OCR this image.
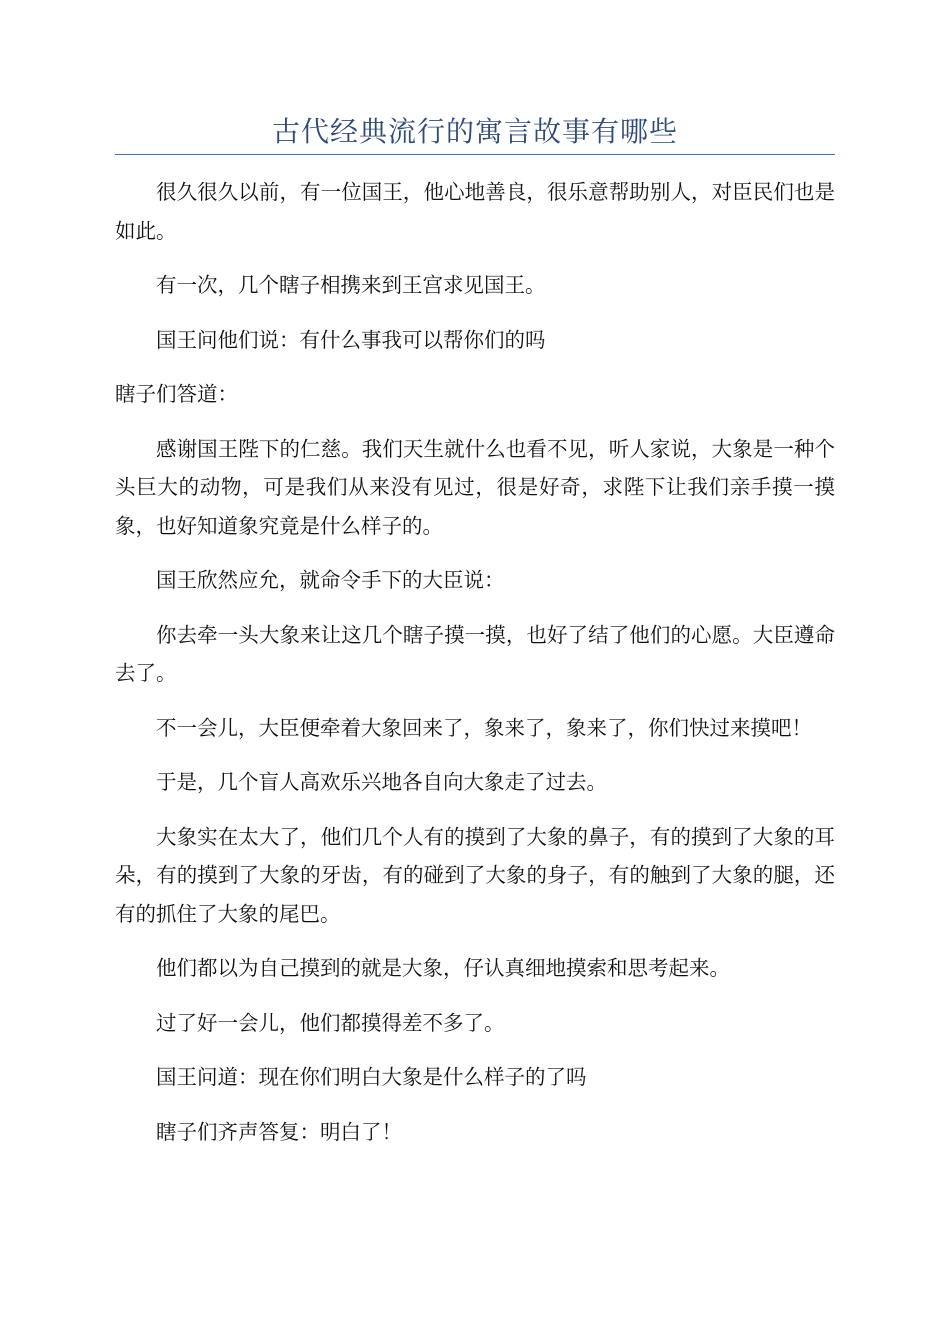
古代经典流行的寓言故事有哪些

很久很久以前，有一位国王，他心地善良，很乐意帮助别人，对臣民们也是如此。

有一次，几个瞎子相携来到王宫求见国王。

国王问他们说：有什么事我可以帮你们的吗

瞎子们答道：

感谢国王陛下的仁慈。我们天生就什么也看不见，听人家说，大象是一种个头巨大的动物，可是我们从来没有见过，很是好奇，求陛下让我们亲手摸一摸象，也好知道象究竟是什么样子的。

国王欣然应允，就命令手下的大臣说：

你去牵一头大象来让这几个瞎子摸一摸，也好了结了他们的心愿。大臣遵命去了。

不一会儿，大臣便牵着大象回来了，象来了，象来了，你们快过来摸吧！

于是，几个盲人高欢乐兴地各自向大象走了过去。

大象实在太大了，他们几个人有的摸到了大象的鼻子，有的摸到了大象的耳朵，有的摸到了大象的牙齿，有的碰到了大象的身子，有的触到了大象的腿，还有的抓住了大象的尾巴。

他们都以为自己摸到的就是大象，仔认真细地摸索和思考起来。

过了好一会儿，他们都摸得差不多了。

国王问道：现在你们明白大象是什么样子的了吗

瞎子们齐声答复：明白了！
